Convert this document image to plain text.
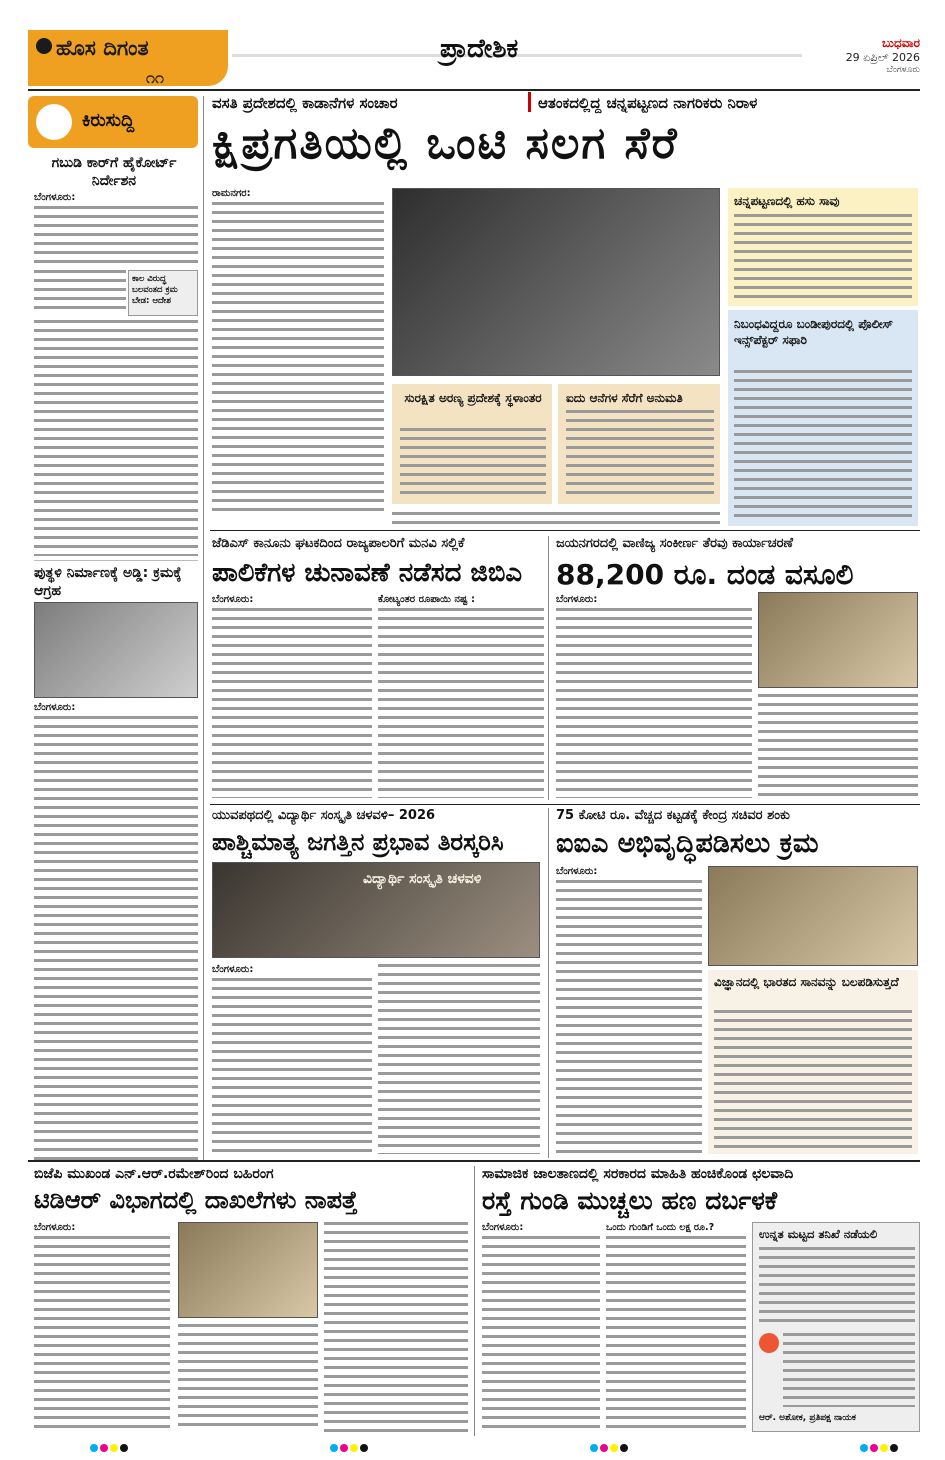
ಹೊಸ ದಿಗಂತ
೧೧
ಪ್ರಾದೇಶಿಕ	ಬುಧವಾರ
29 ಏಪ್ರಿಲ್ 2026
ಬೆಂಗಳೂರು
ಕಿರುಸುದ್ದಿ
ಗಬುಡಿ ಕಾರ್‌ಗೆ ಹೈಕೋರ್ಟ್ ನಿರ್ದೇಶನ
ಬೆಂಗಳೂರು:
ಕಾಲ ವಿರುದ್ಧ ಬಲವಂತದ ಕ್ರಮ ಬೇಡ: ಆದೇಶ
ಪುತ್ಥಳಿ ನಿರ್ಮಾಣಕ್ಕೆ ಅಡ್ಡಿ: ಕ್ರಮಕ್ಕೆ ಆಗ್ರಹ
ಬೆಂಗಳೂರು:
ವಸತಿ ಪ್ರದೇಶದಲ್ಲಿ ಕಾಡಾನೆಗಳ ಸಂಚಾರ	ಆತಂಕದಲ್ಲಿದ್ದ ಚನ್ನಪಟ್ಟಣದ ನಾಗರಿಕರು ನಿರಾಳ
ಕ್ಷಿಪ್ರಗತಿಯಲ್ಲಿ ಒಂಟಿ ಸಲಗ ಸೆರೆ
ರಾಮನಗರ:
ಸುರಕ್ಷಿತ ಅರಣ್ಯ ಪ್ರದೇಶಕ್ಕೆ ಸ್ಥಳಾಂತರ	ಐದು ಆನೆಗಳ ಸೆರೆಗೆ ಅನುಮತಿ
ಚನ್ನಪಟ್ಟಣದಲ್ಲಿ ಹಸು ಸಾವು
ನಿಬಂಧವಿದ್ದರೂ ಬಂಡೀಪುರದಲ್ಲಿ ಪೊಲೀಸ್ ಇನ್ಸ್‌ಪೆಕ್ಟರ್ ಸಫಾರಿ
ಜೆಡಿಎಸ್ ಕಾನೂನು ಘಟಕದಿಂದ ರಾಜ್ಯಪಾಲರಿಗೆ ಮನವಿ ಸಲ್ಲಿಕೆ
ಪಾಲಿಕೆಗಳ ಚುನಾವಣೆ ನಡೆಸದ ಜಿಬಿಎ
ಬೆಂಗಳೂರು:	ಕೋಟ್ಯಂತರ ರೂಪಾಯಿ ನಷ್ಟ :
ಜಯನಗರದಲ್ಲಿ ವಾಣಿಜ್ಯ ಸಂಕೀರ್ಣ ತೆರವು ಕಾರ್ಯಾಚರಣೆ
88,200 ರೂ. ದಂಡ ವಸೂಲಿ
ಬೆಂಗಳೂರು:
ಯುವಪಥದಲ್ಲಿ ವಿದ್ಯಾರ್ಥಿ ಸಂಸ್ಕೃತಿ ಚಳವಳಿ– 2026
ಪಾಶ್ಚಿಮಾತ್ಯ ಜಗತ್ತಿನ ಪ್ರಭಾವ ತಿರಸ್ಕರಿಸಿ
ವಿದ್ಯಾರ್ಥಿ ಸಂಸ್ಕೃತಿ ಚಳವಳಿ
ಬೆಂಗಳೂರು:
75 ಕೋಟಿ ರೂ. ವೆಚ್ಚದ ಕಟ್ಟಡಕ್ಕೆ ಕೇಂದ್ರ ಸಚಿವರ ಶಂಕು
ಐಐಎ ಅಭಿವೃದ್ಧಿಪಡಿಸಲು ಕ್ರಮ
ಬೆಂಗಳೂರು:
ವಿಜ್ಞಾನದಲ್ಲಿ ಭಾರತದ ಸಾನವನ್ನು ಬಲಪಡಿಸುತ್ತದೆ
ಬಿಜೆಪಿ ಮುಖಂಡ ಎನ್.ಆರ್.ರಮೇಶ್‌ರಿಂದ ಬಹಿರಂಗ
ಟಿಡಿಆರ್ ವಿಭಾಗದಲ್ಲಿ ದಾಖಲೆಗಳು ನಾಪತ್ತೆ
ಬೆಂಗಳೂರು:
ಸಾಮಾಜಿಕ ಜಾಲತಾಣದಲ್ಲಿ ಸರಕಾರದ ಮಾಹಿತಿ ಹಂಚಿಕೊಂಡ ಛಲವಾದಿ
ರಸ್ತೆ ಗುಂಡಿ ಮುಚ್ಚಲು ಹಣ ದರ್ಬಳಕೆ
ಬೆಂಗಳೂರು:	ಒಂದು ಗುಂಡಿಗೆ ಒಂದು ಲಕ್ಷ ರೂ.?	ಉನ್ನತ ಮಟ್ಟದ ತನಿಖೆ ನಡೆಯಲಿ
ಆರ್. ಅಶೋಕ, ಪ್ರತಿಪಕ್ಷ ನಾಯಕ
